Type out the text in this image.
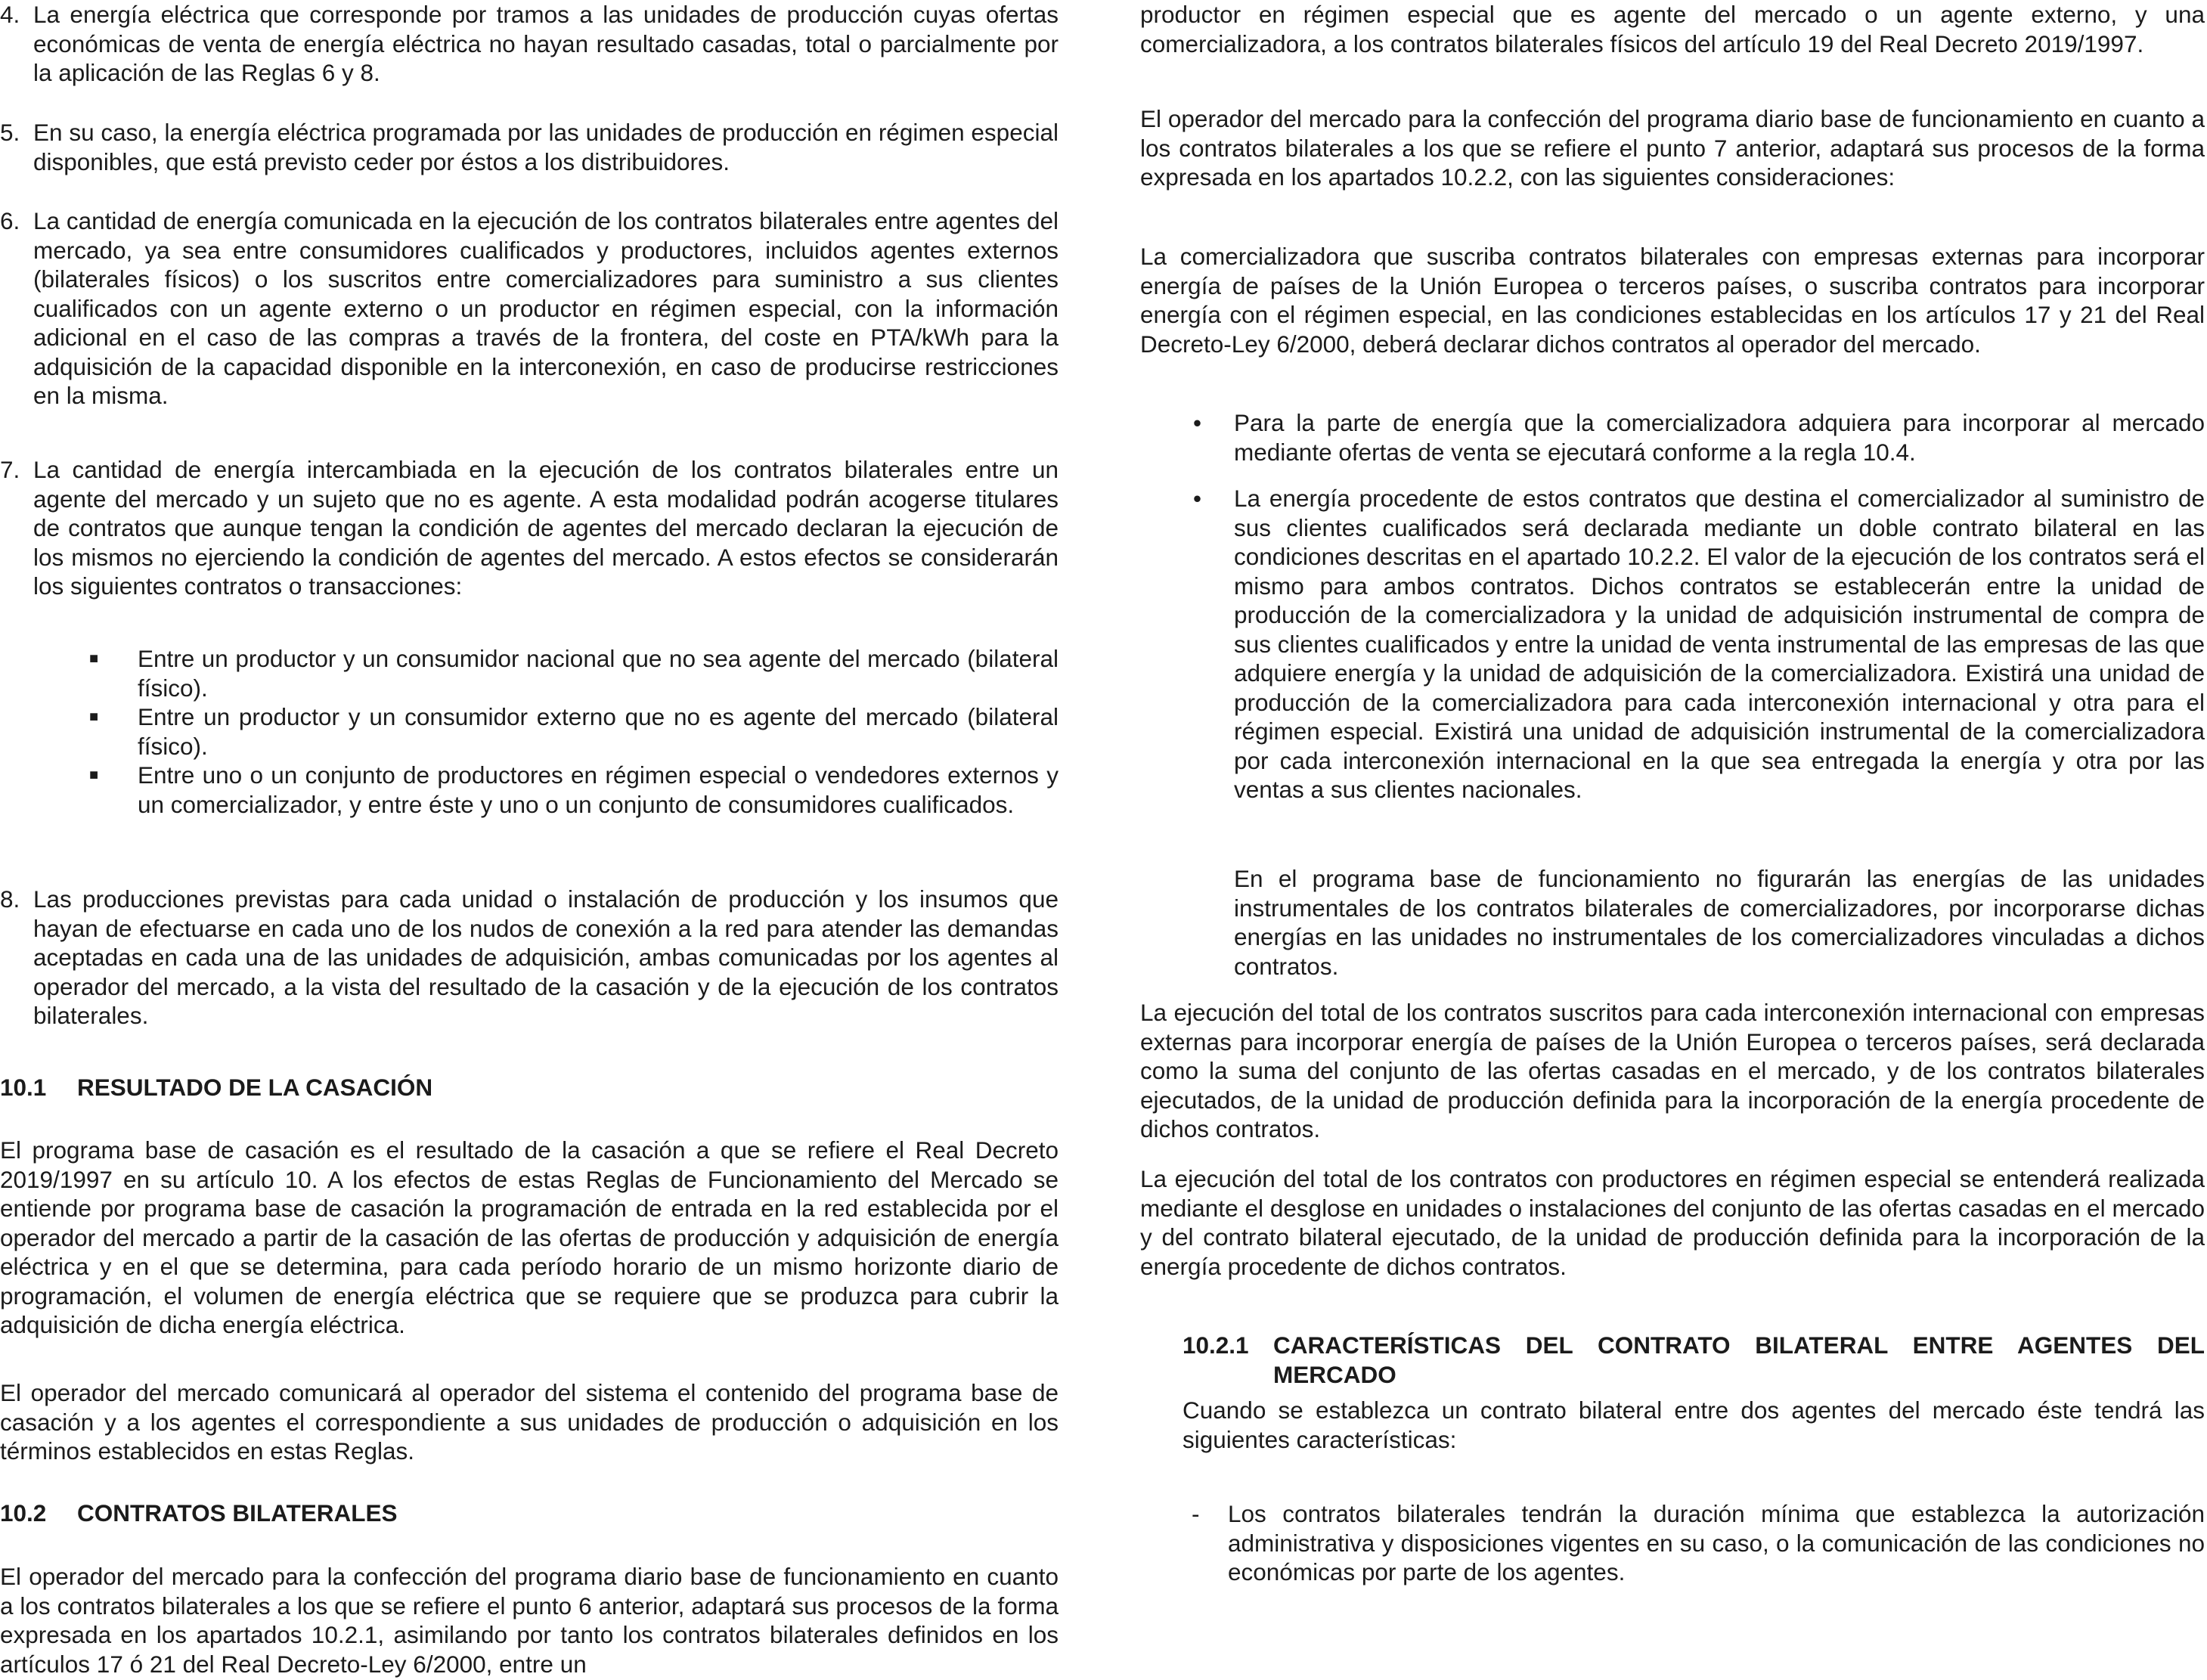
4. La energía eléctrica que corresponde por tramos a las unidades de producción cuyas ofertas económicas de venta de energía eléctrica no hayan resultado casadas, total o parcialmente por la aplicación de las Reglas 6 y 8.
5. En su caso, la energía eléctrica programada por las unidades de producción en régimen especial disponibles, que está previsto ceder por éstos a los distribuidores.
6. La cantidad de energía comunicada en la ejecución de los contratos bilaterales entre agentes del mercado, ya sea entre consumidores cualificados y productores, incluidos agentes externos (bilaterales físicos) o los suscritos entre comercializadores para suministro a sus clientes cualificados con un agente externo o un productor en régimen especial, con la información adicional en el caso de las compras a través de la frontera, del coste en PTA/kWh para la adquisición de la capacidad disponible en la interconexión, en caso de producirse restricciones en la misma.
7. La cantidad de energía intercambiada en la ejecución de los contratos bilaterales entre un agente del mercado y un sujeto que no es agente. A esta modalidad podrán acogerse titulares de contratos que aunque tengan la condición de agentes del mercado declaran la ejecución de los mismos no ejerciendo la condición de agentes del mercado. A estos efectos se considerarán los siguientes contratos o transacciones:
■	Entre un productor y un consumidor nacional que no sea agente del mercado (bilateral físico).
■	Entre un productor y un consumidor externo que no es agente del mercado (bilateral físico).
■	Entre uno o un conjunto de productores en régimen especial o vendedores externos y un comercializador, y entre éste y uno o un conjunto de consumidores cualificados.
8. Las producciones previstas para cada unidad o instalación de producción y los insumos que hayan de efectuarse en cada uno de los nudos de conexión a la red para atender las demandas aceptadas en cada una de las unidades de adquisición, ambas comunicadas por los agentes al operador del mercado, a la vista del resultado de la casación y de la ejecución de los contratos bilaterales.
10.1	RESULTADO DE LA CASACIÓN

El programa base de casación es el resultado de la casación a que se refiere el Real Decreto 2019/1997 en su artículo 10. A los efectos de estas Reglas de Funcionamiento del Mercado se entiende por programa base de casación la programación de entrada en la red establecida por el operador del mercado a partir de la casación de las ofertas de producción y adquisición de energía eléctrica y en el que se determina, para cada período horario de un mismo horizonte diario de programación, el volumen de energía eléctrica que se requiere que se produzca para cubrir la adquisición de dicha energía eléctrica.

El operador del mercado comunicará al operador del sistema el contenido del programa base de casación y a los agentes el correspondiente a sus unidades de producción o adquisición en los términos establecidos en estas Reglas.

10.2	CONTRATOS BILATERALES

El operador del mercado para la confección del programa diario base de funcionamiento en cuanto a los contratos bilaterales a los que se refiere el punto 6 anterior, adaptará sus procesos de la forma expresada en los apartados 10.2.1, asimilando por tanto los contratos bilaterales definidos en los artículos 17 ó 21 del Real Decreto-Ley 6/2000, entre un

productor en régimen especial que es agente del mercado o un agente externo, y una comercializadora, a los contratos bilaterales físicos del artículo 19 del Real Decreto 2019/1997.

El operador del mercado para la confección del programa diario base de funcionamiento en cuanto a los contratos bilaterales a los que se refiere el punto 7 anterior, adaptará sus procesos de la forma expresada en los apartados 10.2.2, con las siguientes consideraciones:

La comercializadora que suscriba contratos bilaterales con empresas externas para incorporar energía de países de la Unión Europea o terceros países, o suscriba contratos para incorporar energía con el régimen especial, en las condiciones establecidas en los artículos 17 y 21 del Real Decreto-Ley 6/2000, deberá declarar dichos contratos al operador del mercado.

•	Para la parte de energía que la comercializadora adquiera para incorporar al mercado mediante ofertas de venta se ejecutará conforme a la regla 10.4.
•	La energía procedente de estos contratos que destina el comercializador al suministro de sus clientes cualificados será declarada mediante un doble contrato bilateral en las condiciones descritas en el apartado 10.2.2. El valor de la ejecución de los contratos será el mismo para ambos contratos. Dichos contratos se establecerán entre la unidad de producción de la comercializadora y la unidad de adquisición instrumental de compra de sus clientes cualificados y entre la unidad de venta instrumental de las empresas de las que adquiere energía y la unidad de adquisición de la comercializadora. Existirá una unidad de producción de la comercializadora para cada interconexión internacional y otra para el régimen especial. Existirá una unidad de adquisición instrumental de la comercializadora por cada interconexión internacional en la que sea entregada la energía y otra por las ventas a sus clientes nacionales.

En el programa base de funcionamiento no figurarán las energías de las unidades instrumentales de los contratos bilaterales de comercializadores, por incorporarse dichas energías en las unidades no instrumentales de los comercializadores vinculadas a dichos contratos.

La ejecución del total de los contratos suscritos para cada interconexión internacional con empresas externas para incorporar energía de países de la Unión Europea o terceros países, será declarada como la suma del conjunto de las ofertas casadas en el mercado, y de los contratos bilaterales ejecutados, de la unidad de producción definida para la incorporación de la energía procedente de dichos contratos.

La ejecución del total de los contratos con productores en régimen especial se entenderá realizada mediante el desglose en unidades o instalaciones del conjunto de las ofertas casadas en el mercado y del contrato bilateral ejecutado, de la unidad de producción definida para la incorporación de la energía procedente de dichos contratos.

10.2.1	CARACTERÍSTICAS DEL CONTRATO BILATERAL ENTRE AGENTES DEL MERCADO

Cuando se establezca un contrato bilateral entre dos agentes del mercado éste tendrá las siguientes características:

-	Los contratos bilaterales tendrán la duración mínima que establezca la autorización administrativa y disposiciones vigentes en su caso, o la comunicación de las condiciones no económicas por parte de los agentes.
